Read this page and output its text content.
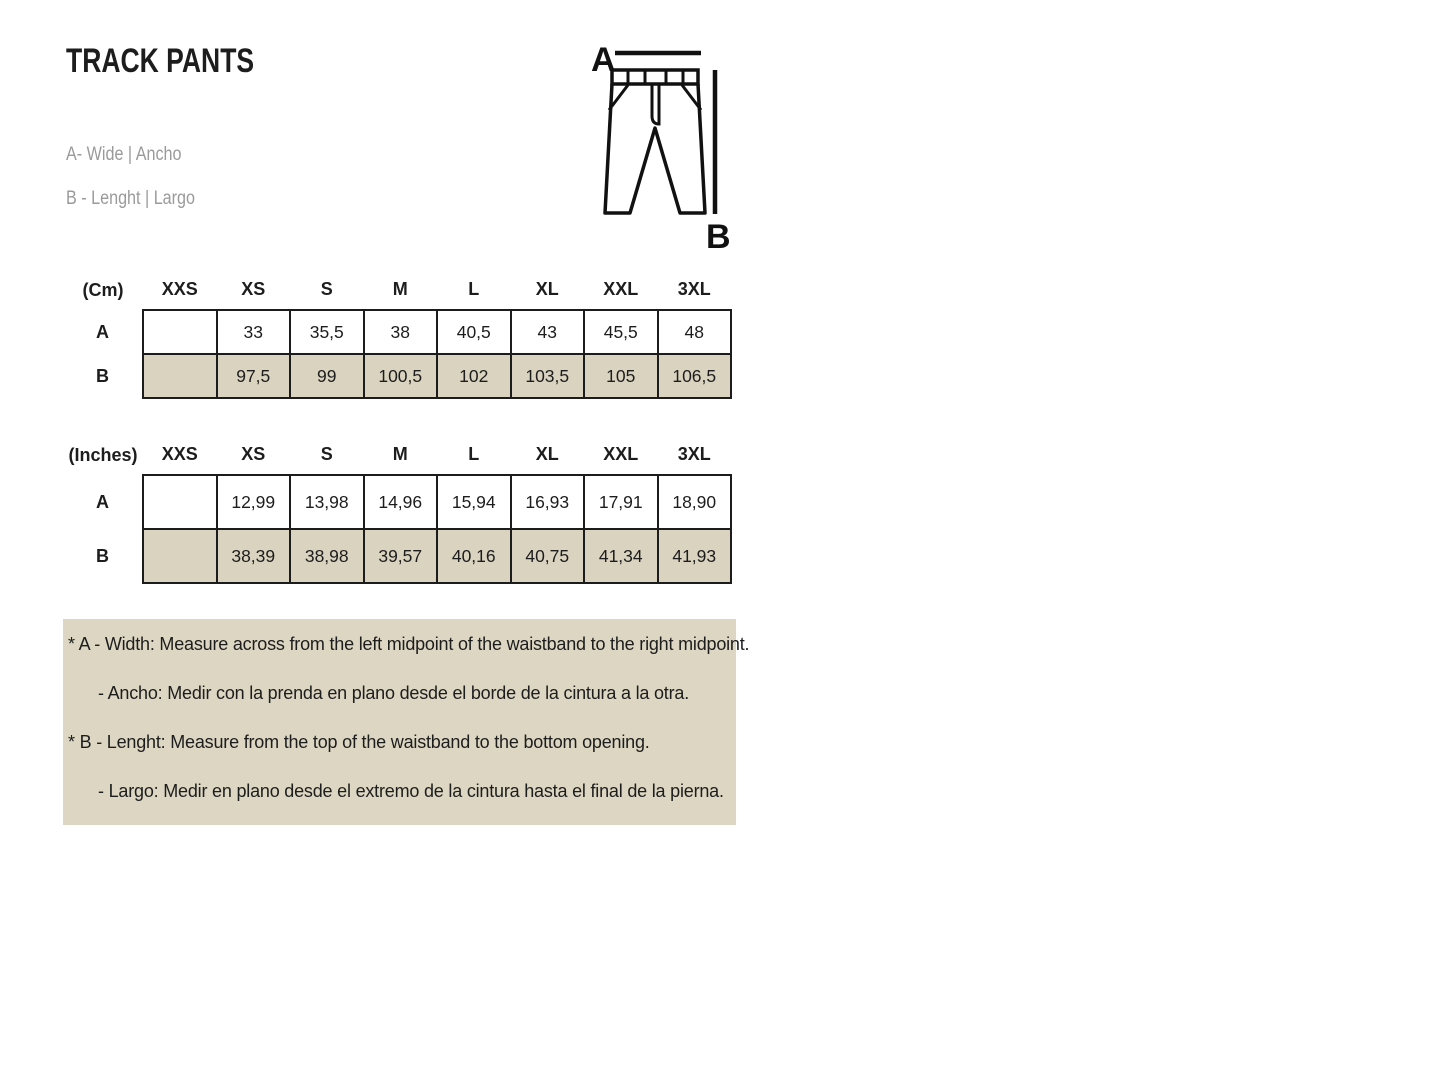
TRACK PANTS
A- Wide | Ancho
B - Lenght | Largo
A
B
(Cm)	XXS	XS	S	M	L	XL	XXL	3XL
A		33	35,5	38	40,5	43	45,5	48
B		97,5	99	100,5	102	103,5	105	106,5
(Inches)	XXS	XS	S	M	L	XL	XXL	3XL
A		12,99	13,98	14,96	15,94	16,93	17,91	18,90
B		38,39	38,98	39,57	40,16	40,75	41,34	41,93

* A - Width: Measure across from the left midpoint of the waistband to the right midpoint.

- Ancho: Medir con la prenda en plano desde el borde de la cintura a la otra.

* B - Lenght: Measure from the top of the waistband to the bottom opening.

- Largo: Medir en plano desde el extremo de la cintura hasta el final de la pierna.
